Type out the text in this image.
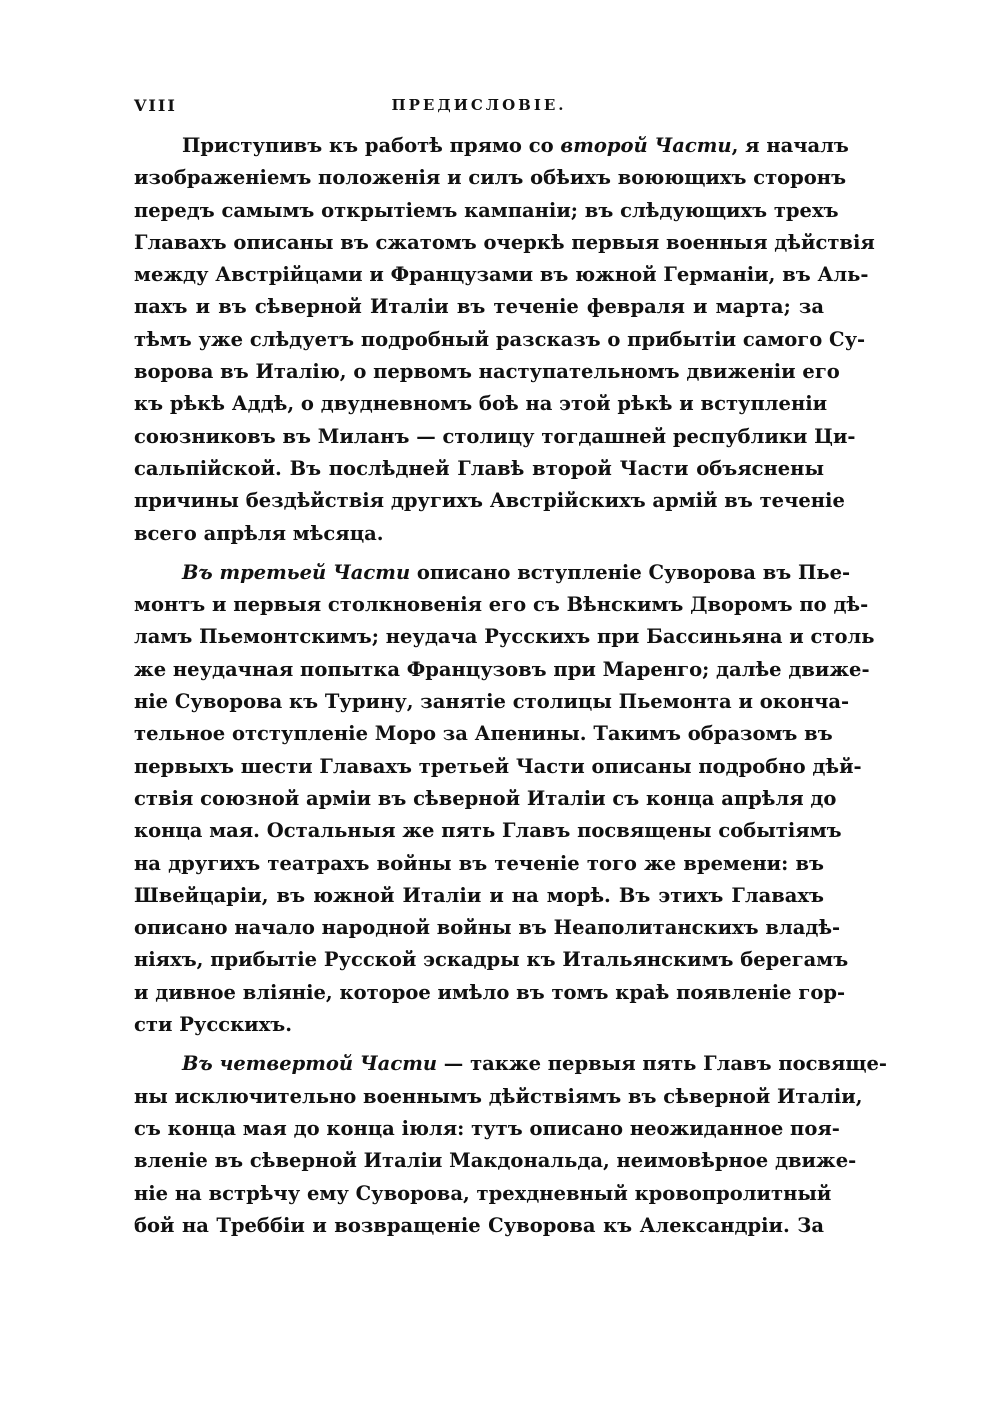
VIII	ПРЕДИСЛОВІЕ.
Приступивъ къ работѣ прямо со второй Части, я началъ
изображеніемъ положенія и силъ обѣихъ воюющихъ сторонъ
передъ самымъ открытіемъ кампаніи; въ слѣдующихъ трехъ
Главахъ описаны въ сжатомъ очеркѣ первыя военныя дѣйствія
между Австрійцами и Французами въ южной Германіи, въ Аль-
пахъ и въ сѣверной Италіи въ теченіе февраля и марта; за
тѣмъ уже слѣдуетъ подробный разсказъ о прибытіи самого Су-
ворова въ Италію, о первомъ наступательномъ движеніи его
къ рѣкѣ Аддѣ, о двудневномъ боѣ на этой рѣкѣ и вступленіи
союзниковъ въ Миланъ — столицу тогдашней республики Ци-
сальпійской. Въ послѣдней Главѣ второй Части объяснены
причины бездѣйствія другихъ Австрійскихъ армій въ теченіе
всего апрѣля мѣсяца.
Въ третьей Части описано вступленіе Суворова въ Пье-
монтъ и первыя столкновенія его съ Вѣнскимъ Дворомъ по дѣ-
ламъ Пьемонтскимъ; неудача Русскихъ при Бассиньяна и столь
же неудачная попытка Французовъ при Маренго; далѣе движе-
ніе Суворова къ Турину, занятіе столицы Пьемонта и оконча-
тельное отступленіе Моро за Апенины. Такимъ образомъ въ
первыхъ шести Главахъ третьей Части описаны подробно дѣй-
ствія союзной арміи въ сѣверной Италіи съ конца апрѣля до
конца мая. Остальныя же пять Главъ посвящены событіямъ
на другихъ театрахъ войны въ теченіе того же времени: въ
Швейцаріи, въ южной Италіи и на морѣ. Въ этихъ Главахъ
описано начало народной войны въ Неаполитанскихъ владѣ-
ніяхъ, прибытіе Русской эскадры къ Итальянскимъ берегамъ
и дивное вліяніе, которое имѣло въ томъ краѣ появленіе гор-
сти Русскихъ.
Въ четвертой Части — также первыя пять Главъ посвяще-
ны исключительно военнымъ дѣйствіямъ въ сѣверной Италіи,
съ конца мая до конца іюля: тутъ описано неожиданное поя-
вленіе въ сѣверной Италіи Макдональда, неимовѣрное движе-
ніе на встрѣчу ему Суворова, трехдневный кровопролитный
бой на Треббіи и возвращеніе Суворова къ Александріи. За
